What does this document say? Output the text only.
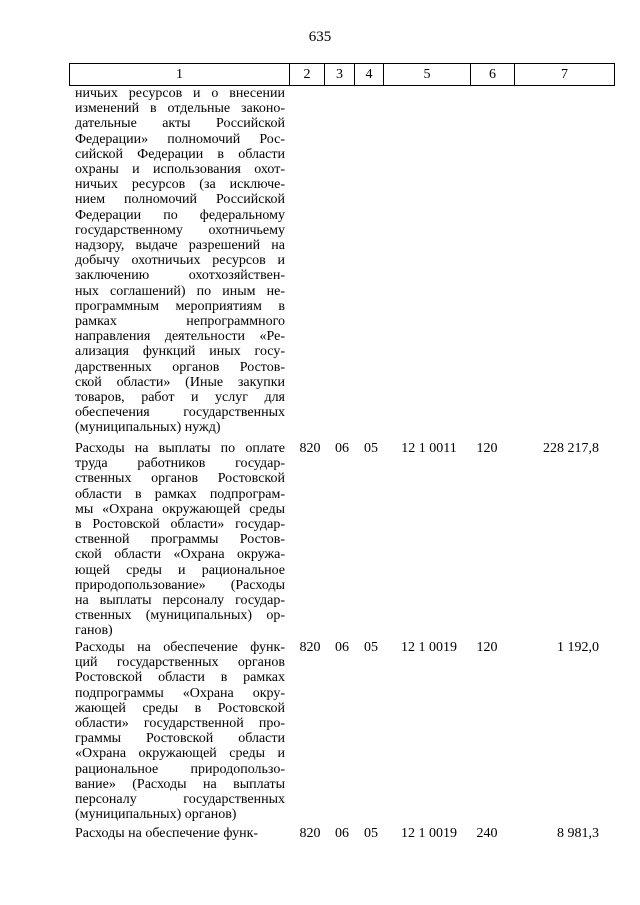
635
1	2	3	4	5	6	7
ничьих ресурсов и о внесении
изменений в отдельные законо-
дательные акты Российской
Федерации» полномочий Рос-
сийской Федерации в области
охраны и использования охот-
ничьих ресурсов (за исключе-
нием полномочий Российской
Федерации по федеральному
государственному охотничьему
надзору, выдаче разрешений на
добычу охотничьих ресурсов и
заключению охотхозяйствен-
ных соглашений) по иным не-
программным мероприятиям в
рамках непрограммного
направления деятельности «Ре-
ализация функций иных госу-
дарственных органов Ростов-
ской области» (Иные закупки
товаров, работ и услуг для
обеспечения государственных
(муниципальных) нужд)
Расходы на выплаты по оплате
труда работников государ-
ственных органов Ростовской
области в рамках подпрограм-
мы «Охрана окружающей среды
в Ростовской области» государ-
ственной программы Ростов-
ской области «Охрана окружа-
ющей среды и рациональное
природопользование» (Расходы
на выплаты персоналу государ-
ственных (муниципальных) ор-
ганов)
820	06	05	12 1 0011	120	228 217,8
Расходы на обеспечение функ-
ций государственных органов
Ростовской области в рамках
подпрограммы «Охрана окру-
жающей среды в Ростовской
области» государственной про-
граммы Ростовской области
«Охрана окружающей среды и
рациональное природопользо-
вание» (Расходы на выплаты
персоналу государственных
(муниципальных) органов)
820	06	05	12 1 0019	120	1 192,0
Расходы на обеспечение функ-	820	06	05	12 1 0019	240	8 981,3
